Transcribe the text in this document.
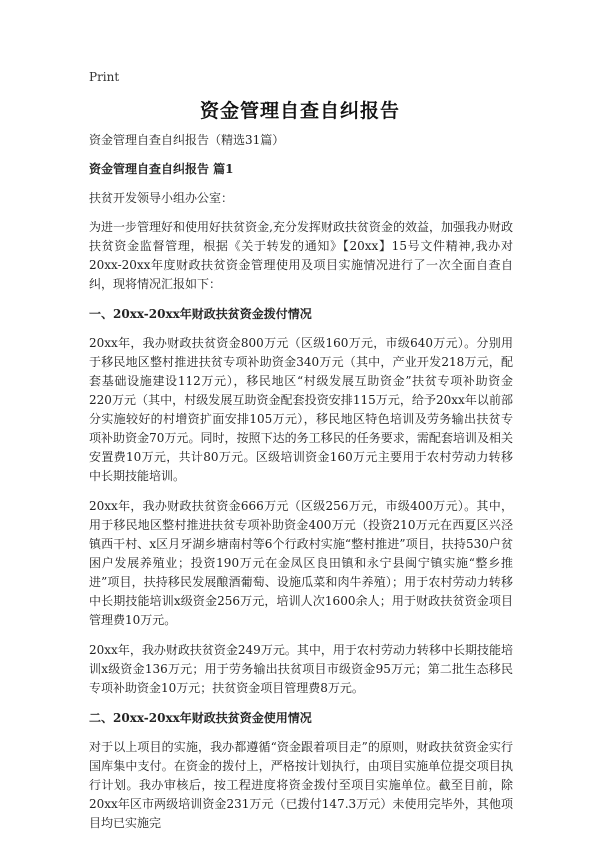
Print
资金管理自查自纠报告

资金管理自查自纠报告（精选31篇）

资金管理自查自纠报告 篇1

扶贫开发领导小组办公室：

为进一步管理好和使用好扶贫资金,充分发挥财政扶贫资金的效益，加强我办财政扶贫资金监督管理，根据《关于转发的通知》【20xx】15号文件精神,我办对20xx-20xx年度财政扶贫资金管理使用及项目实施情况进行了一次全面自查自纠，现将情况汇报如下：

一、20xx-20xx年财政扶贫资金拨付情况

20xx年，我办财政扶贫资金800万元（区级160万元，市级640万元）。分别用于移民地区整村推进扶贫专项补助资金340万元（其中，产业开发218万元，配套基础设施建设112万元），移民地区“村级发展互助资金”扶贫专项补助资金220万元（其中，村级发展互助资金配套投资安排115万元，给予20xx年以前部分实施较好的村增资扩面安排105万元），移民地区特色培训及劳务输出扶贫专项补助资金70万元。同时，按照下达的务工移民的任务要求，需配套培训及相关安置费10万元，共计80万元。区级培训资金160万元主要用于农村劳动力转移中长期技能培训。

20xx年，我办财政扶贫资金666万元（区级256万元，市级400万元）。其中，用于移民地区整村推进扶贫专项补助资金400万元（投资210万元在西夏区兴泾镇西干村、x区月牙湖乡塘南村等6个行政村实施“整村推进”项目，扶持530户贫困户发展养殖业；投资190万元在金凤区良田镇和永宁县闽宁镇实施“整乡推进”项目，扶持移民发展酿酒葡萄、设施瓜菜和肉牛养殖）；用于农村劳动力转移中长期技能培训x级资金256万元，培训人次1600余人；用于财政扶贫资金项目管理费10万元。

20xx年，我办财政扶贫资金249万元。其中，用于农村劳动力转移中长期技能培训x级资金136万元；用于劳务输出扶贫项目市级资金95万元；第二批生态移民专项补助资金10万元；扶贫资金项目管理费8万元。

二、20xx-20xx年财政扶贫资金使用情况

对于以上项目的实施，我办都遵循“资金跟着项目走”的原则，财政扶贫资金实行国库集中支付。在资金的拨付上，严格按计划执行，由项目实施单位提交项目执行计划。我办审核后，按工程进度将资金拨付至项目实施单位。截至目前，除20xx年区市两级培训资金231万元（已拨付147.3万元）未使用完毕外，其他项目均已实施完
